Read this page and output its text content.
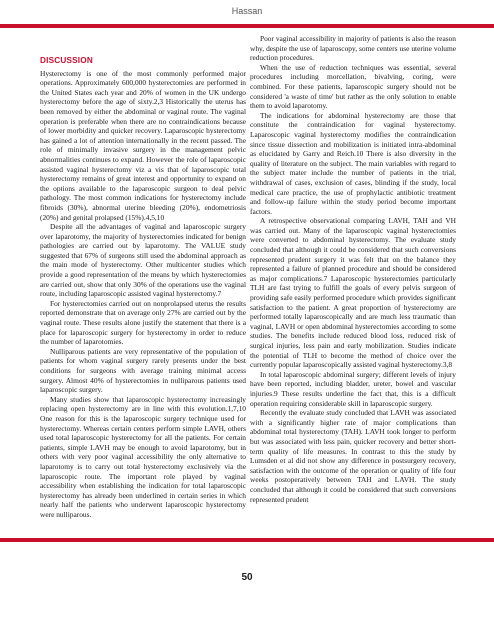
Hassan
DISCUSSION

Hysterectomy is one of the most commonly performed major operations. Approximately 600,000 hysterectomies are performed in the United States each year and 20% of women in the UK undergo hysterectomy before the age of sixty.2,3 Historically the uterus has been removed by either the abdominal or vaginal route. The vaginal operation is preferable when there are no contraindications because of lower morbidity and quicker recovery. Laparoscopic hysterectomy has gained a lot of attention internationally in the recent passed. The role of minimally invasive surgery in the management pelvic abnormalities continues to expand. However the role of laparoscopic assisted vaginal hysterectomy viz a vis that of laparoscopic total hysterectomy remains of great interest and opportunity to expand on the options available to the laparoscopic surgeon to deal pelvic pathology. The most common indications for hysterectomy include fibroids (30%), abnormal uterine bleeding (20%), endometriosis (20%) and genital prolapsed (15%).4,5,10

Despite all the advantages of vaginal and laparoscopic surgery over laparotomy, the majority of hysterectomies indicated for benign pathologies are carried out by laparotomy. The VALUE study suggested that 67% of surgeons still used the abdominal approach as the main mode of hysterectomy. Other multicenter studies which provide a good representation of the means by which hysterectomies are carried out, show that only 30% of the operations use the vaginal route, including laparoscopic assisted vaginal hysterectomy.7

For hysterectomies carried out on nonprolapsed uterus the results reported demonstrate that on average only 27% are carried out by the vaginal route. These results alone justify the statement that there is a place for laparoscopic surgery for hysterectomy in order to reduce the number of laparotomies.

Nulliparous patients are very representative of the population of patients for whom vaginal surgery rarely presents under the best conditions for surgeons with average training minimal access surgery. Almost 40% of hysterectomies in nulliparous patients used laparoscopic surgery.

Many studies show that laparoscopic hysterectomy increasingly replacing open hysterectomy are in line with this evolution.1,7,10 One reason for this is the laparoscopic surgery technique used for hysterectomy. Whereas certain centers perform simple LAVH, others used total laparoscopic hysterectomy for all the patients. For certain patients, simple LAVH may be enough to avoid laparotomy, but in others with very poor vaginal accessibility the only alternative to laparotomy is to carry out total hysterectomy exclusively via the laparoscopic route. The important role played by vaginal accessibility when establishing the indication for total laparoscopic hysterectomy has already been underlined in certain series in which nearly half the patients who underwent laparoscopic hysterectomy were nulliparous.

Poor vaginal accessibility in majority of patients is also the reason why, despite the use of laparoscopy, some centers use uterine volume reduction procedures.

When the use of reduction techniques was essential, several procedures including morcellation, bivalving, coring, were combined. For these patients, laparoscopic surgery should not be considered 'a waste of time' but rather as the only solution to enable them to avoid laparotomy.

The indications for abdominal hysterectomy are those that constitute the contraindication for vaginal hysterectomy. Laparoscopic vaginal hysterectomy modifies the contraindication since tissue dissection and mobilization is initiated intra-abdominal as elucidated by Garry and Reich.10 There is also diversity in the quality of literature on the subject. The main variables with regard to the subject mater include the number of patients in the trial, withdrawal of cases, exclusion of cases, blinding if the study, local medical care practice, the use of prophylactic antibiotic treatment and follow-up failure within the study period become important factors.

A retrospective observational comparing LAVH, TAH and VH was carried out. Many of the laparoscopic vaginal hysterectomies were converted to abdominal hysterectomy. The evaluate study concluded that although it could be considered that such conversions represented prudent surgery it was felt that on the balance they represented a failure of planned procedure and should be considered as major complications.7 Laparoscopic hysterectomies particularly TLH are fast trying to fulfill the goals of every pelvis surgeon of providing safe easily performed procedure which provides significant satisfaction to the patient. A great proportion of hysterectomy are performed totally laparoscopically and are much less traumatic than vaginal, LAVH or open abdominal hysterectomies according to some studies. The benefits include reduced blood loss, reduced risk of surgical injuries, less pain and early mobilization. Studies indicate the potential of TLH to become the method of choice over the currently popular laparoscopically assisted vaginal hysterectomy.3,8

In total laparoscopic abdominal surgery; different levels of injury have been reported, including bladder, ureter, bowel and vascular injuries.9 These results underline the fact that, this is a difficult operation requiring considerable skill in laparoscopic surgery.

Recently the evaluate study concluded that LAVH was associated with a significantly higher rate of major complications than abdominal total hysterectomy (TAH). LAVH took longer to perform but was associated with less pain, quicker recovery and better short-term quality of life measures. In contrast to this the study by Lumsden et al did not show any difference in postsurgery recovery, satisfaction with the outcome of the operation or quality of life four weeks postoperatively between TAH and LAVH. The study concluded that although it could be considered that such conversions represented prudent

50
